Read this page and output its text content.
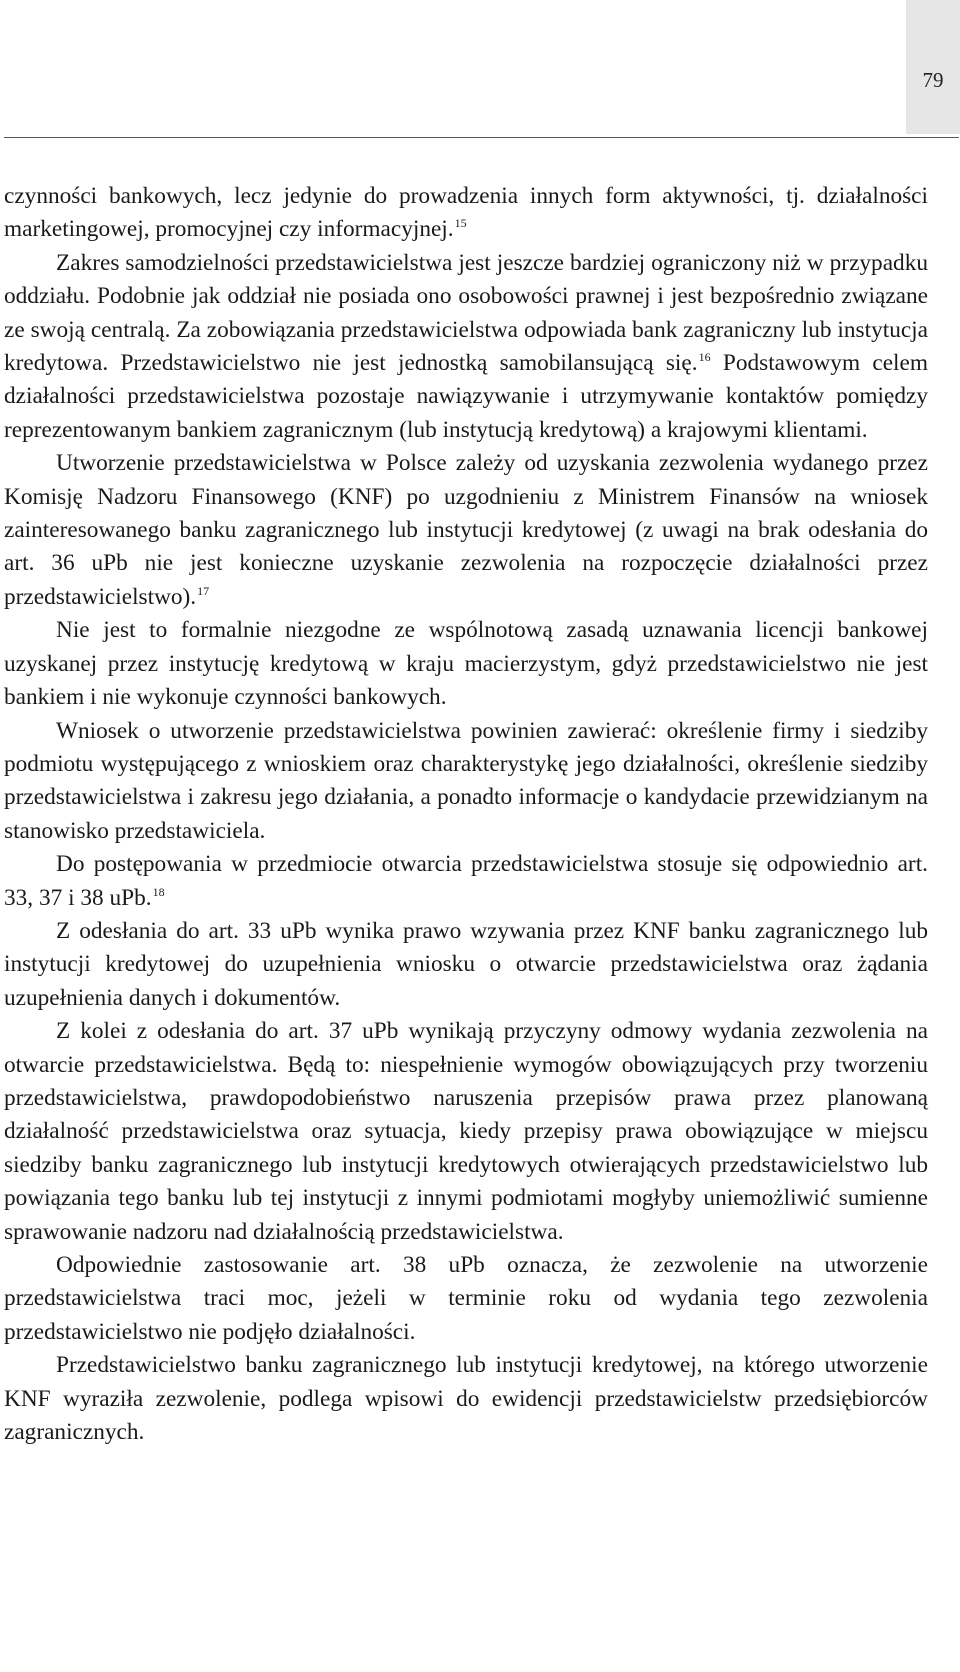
79

czynności bankowych, lecz jedynie do prowadzenia innych form aktywności, tj. działalności marketingowej, promocyjnej czy informacyjnej.$^{15}$

Zakres samodzielności przedstawicielstwa jest jeszcze bardziej ograniczony niż w przypadku oddziału. Podobnie jak oddział nie posiada ono osobowości prawnej i jest bezpośrednio związane ze swoją centralą. Za zobowiązania przedstawicielstwa odpowiada bank zagraniczny lub instytucja kredytowa. Przedstawicielstwo nie jest jednostką samobilansującą się.$^{16}$ Podstawowym celem działalności przedstawicielstwa pozostaje nawiązywanie i utrzymywanie kontaktów pomiędzy reprezentowanym bankiem zagranicznym (lub instytucją kredytową) a krajowymi klientami.

Utworzenie przedstawicielstwa w Polsce zależy od uzyskania zezwolenia wydanego przez Komisję Nadzoru Finansowego (KNF) po uzgodnieniu z Ministrem Finansów na wniosek zainteresowanego banku zagranicznego lub instytucji kredytowej (z uwagi na brak odesłania do art. 36 uPb nie jest konieczne uzyskanie zezwolenia na rozpoczęcie działalności przez przedstawicielstwo).$^{17}$

Nie jest to formalnie niezgodne ze wspólnotową zasadą uznawania licencji bankowej uzyskanej przez instytucję kredytową w kraju macierzystym, gdyż przedstawicielstwo nie jest bankiem i nie wykonuje czynności bankowych.

Wniosek o utworzenie przedstawicielstwa powinien zawierać: określenie firmy i siedziby podmiotu występującego z wnioskiem oraz charakterystykę jego działalności, określenie siedziby przedstawicielstwa i zakresu jego działania, a ponadto informacje o kandydacie przewidzianym na stanowisko przedstawiciela.

Do postępowania w przedmiocie otwarcia przedstawicielstwa stosuje się odpowiednio art. 33, 37 i 38 uPb.$^{18}$

Z odesłania do art. 33 uPb wynika prawo wzywania przez KNF banku zagranicznego lub instytucji kredytowej do uzupełnienia wniosku o otwarcie przedstawicielstwa oraz żądania uzupełnienia danych i dokumentów.

Z kolei z odesłania do art. 37 uPb wynikają przyczyny odmowy wydania zezwolenia na otwarcie przedstawicielstwa. Będą to: niespełnienie wymogów obowiązujących przy tworzeniu przedstawicielstwa, prawdopodobieństwo naruszenia przepisów prawa przez planowaną działalność przedstawicielstwa oraz sytuacja, kiedy przepisy prawa obowiązujące w miejscu siedziby banku zagranicznego lub instytucji kredytowych otwierających przedstawicielstwo lub powiązania tego banku lub tej instytucji z innymi podmiotami mogłyby uniemożliwić sumienne sprawowanie nadzoru nad działalnością przedstawicielstwa.

Odpowiednie zastosowanie art. 38 uPb oznacza, że zezwolenie na utworzenie przedstawicielstwa traci moc, jeżeli w terminie roku od wydania tego zezwolenia przedstawicielstwo nie podjęło działalności.

Przedstawicielstwo banku zagranicznego lub instytucji kredytowej, na którego utworzenie KNF wyraziła zezwolenie, podlega wpisowi do ewidencji przedstawicielstw przedsiębiorców zagranicznych.
